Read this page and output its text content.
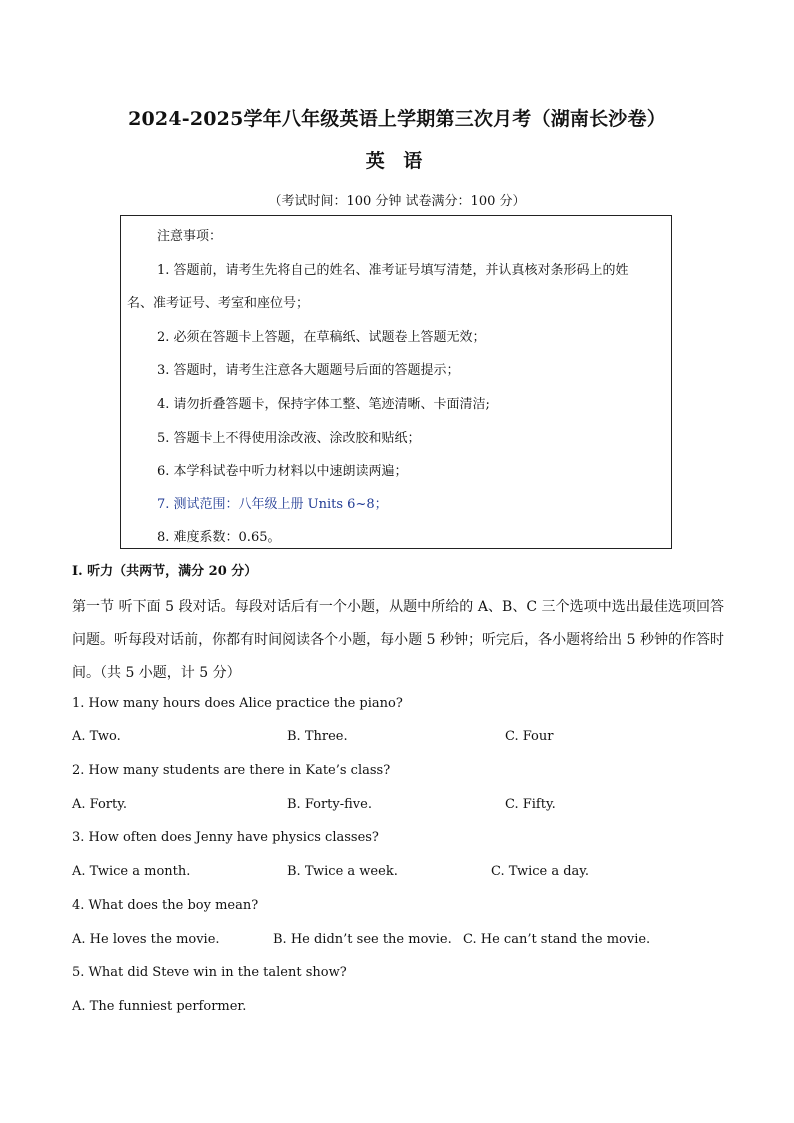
2024-2025学年八年级英语上学期第三次月考（湖南长沙卷）
英 语
（考试时间：100 分钟 试卷满分：100 分）
注意事项：
1. 答题前，请考生先将自己的姓名、准考证号填写清楚，并认真核对条形码上的姓
名、准考证号、考室和座位号；
2. 必须在答题卡上答题，在草稿纸、试题卷上答题无效；
3. 答题时，请考生注意各大题题号后面的答题提示；
4. 请勿折叠答题卡，保持字体工整、笔迹清晰、卡面清洁;
5. 答题卡上不得使用涂改液、涂改胶和贴纸；
6. 本学科试卷中听力材料以中速朗读两遍；
7. 测试范围：八年级上册 Units 6~8；
8. 难度系数：0.65。
I. 听力（共两节，满分 20 分）
第一节 听下面 5 段对话。每段对话后有一个小题，从题中所给的 A、B、C 三个选项中选出最佳选项回答问题。听每段对话前，你都有时间阅读各个小题，每小题 5 秒钟；听完后，各小题将给出 5 秒钟的作答时间。（共 5 小题，计 5 分）
1. How many hours does Alice practice the piano?
A. Two.	B. Three.	C. Four
2. How many students are there in Kate’s class?
A. Forty.	B. Forty-five.	C. Fifty.
3. How often does Jenny have physics classes?
A. Twice a month.	B. Twice a week.	C. Twice a day.
4. What does the boy mean?
A. He loves the movie.	B. He didn’t see the movie. C. He can’t stand the movie.
5. What did Steve win in the talent show?
A. The funniest performer.
